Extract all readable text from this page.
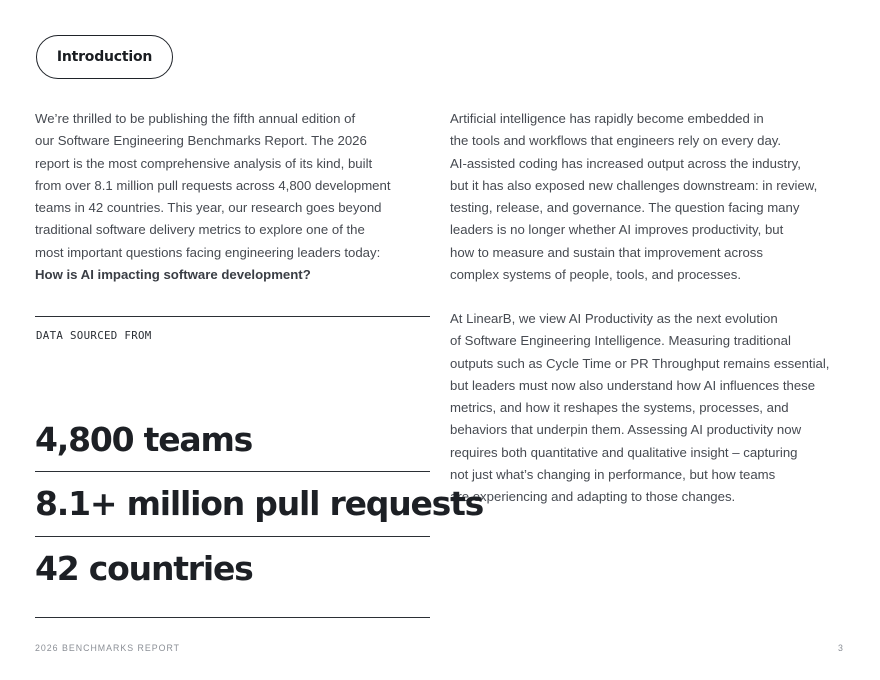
Introduction

We’re thrilled to be publishing the fifth annual edition of
our Software Engineering Benchmarks Report. The 2026
report is the most comprehensive analysis of its kind, built
from over 8.1 million pull requests across 4,800 development
teams in 42 countries. This year, our research goes beyond
traditional software delivery metrics to explore one of the
most important questions facing engineering leaders today:
How is AI impacting software development?

Artificial intelligence has rapidly become embedded in
the tools and workflows that engineers rely on every day.
AI-assisted coding has increased output across the industry,
but it has also exposed new challenges downstream: in review,
testing, release, and governance. The question facing many
leaders is no longer whether AI improves productivity, but
how to measure and sustain that improvement across
complex systems of people, tools, and processes.

At LinearB, we view AI Productivity as the next evolution
of Software Engineering Intelligence. Measuring traditional
outputs such as Cycle Time or PR Throughput remains essential,
but leaders must now also understand how AI influences these
metrics, and how it reshapes the systems, processes, and
behaviors that underpin them. Assessing AI productivity now
requires both quantitative and qualitative insight – capturing
not just what’s changing in performance, but how teams
are experiencing and adapting to those changes.

DATA SOURCED FROM
4,800 teams
8.1+ million pull requests
42 countries
2026 BENCHMARKS REPORT	3
